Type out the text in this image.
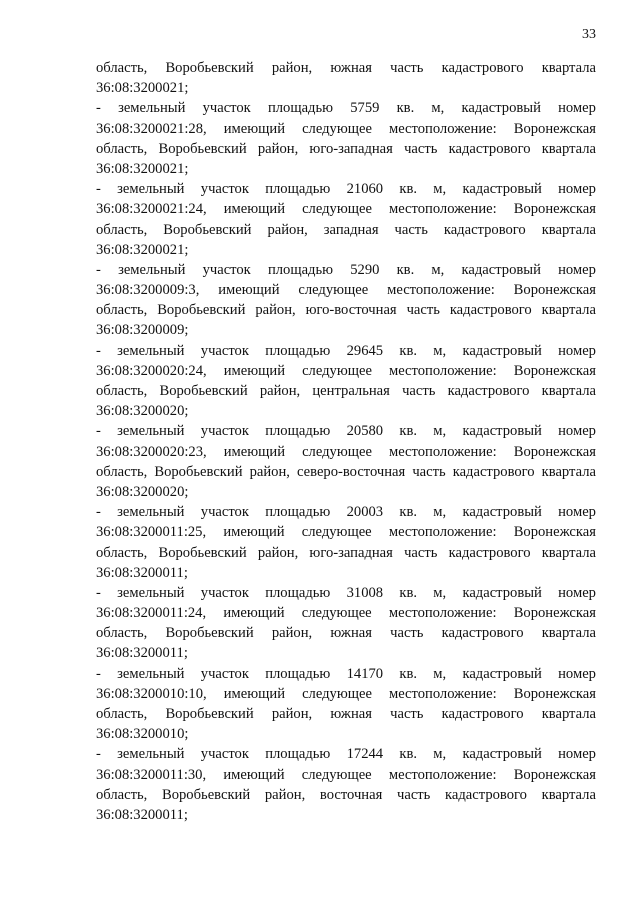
33
область, Воробьевский район, южная часть кадастрового квартала
36:08:3200021;
- земельный участок площадью 5759 кв. м, кадастровый номер
36:08:3200021:28, имеющий следующее местоположение: Воронежская
область, Воробьевский район, юго-западная часть кадастрового квартала
36:08:3200021;
- земельный участок площадью 21060 кв. м, кадастровый номер
36:08:3200021:24, имеющий следующее местоположение: Воронежская
область, Воробьевский район, западная часть кадастрового квартала
36:08:3200021;
- земельный участок площадью 5290 кв. м, кадастровый номер
36:08:3200009:3, имеющий следующее местоположение: Воронежская
область, Воробьевский район, юго-восточная часть кадастрового квартала
36:08:3200009;
- земельный участок площадью 29645 кв. м, кадастровый номер
36:08:3200020:24, имеющий следующее местоположение: Воронежская
область, Воробьевский район, центральная часть кадастрового квартала
36:08:3200020;
- земельный участок площадью 20580 кв. м, кадастровый номер
36:08:3200020:23, имеющий следующее местоположение: Воронежская
область, Воробьевский район, северо-восточная часть кадастрового квартала
36:08:3200020;
- земельный участок площадью 20003 кв. м, кадастровый номер
36:08:3200011:25, имеющий следующее местоположение: Воронежская
область, Воробьевский район, юго-западная часть кадастрового квартала
36:08:3200011;
- земельный участок площадью 31008 кв. м, кадастровый номер
36:08:3200011:24, имеющий следующее местоположение: Воронежская
область, Воробьевский район, южная часть кадастрового квартала
36:08:3200011;
- земельный участок площадью 14170 кв. м, кадастровый номер
36:08:3200010:10, имеющий следующее местоположение: Воронежская
область, Воробьевский район, южная часть кадастрового квартала
36:08:3200010;
- земельный участок площадью 17244 кв. м, кадастровый номер
36:08:3200011:30, имеющий следующее местоположение: Воронежская
область, Воробьевский район, восточная часть кадастрового квартала
36:08:3200011;
